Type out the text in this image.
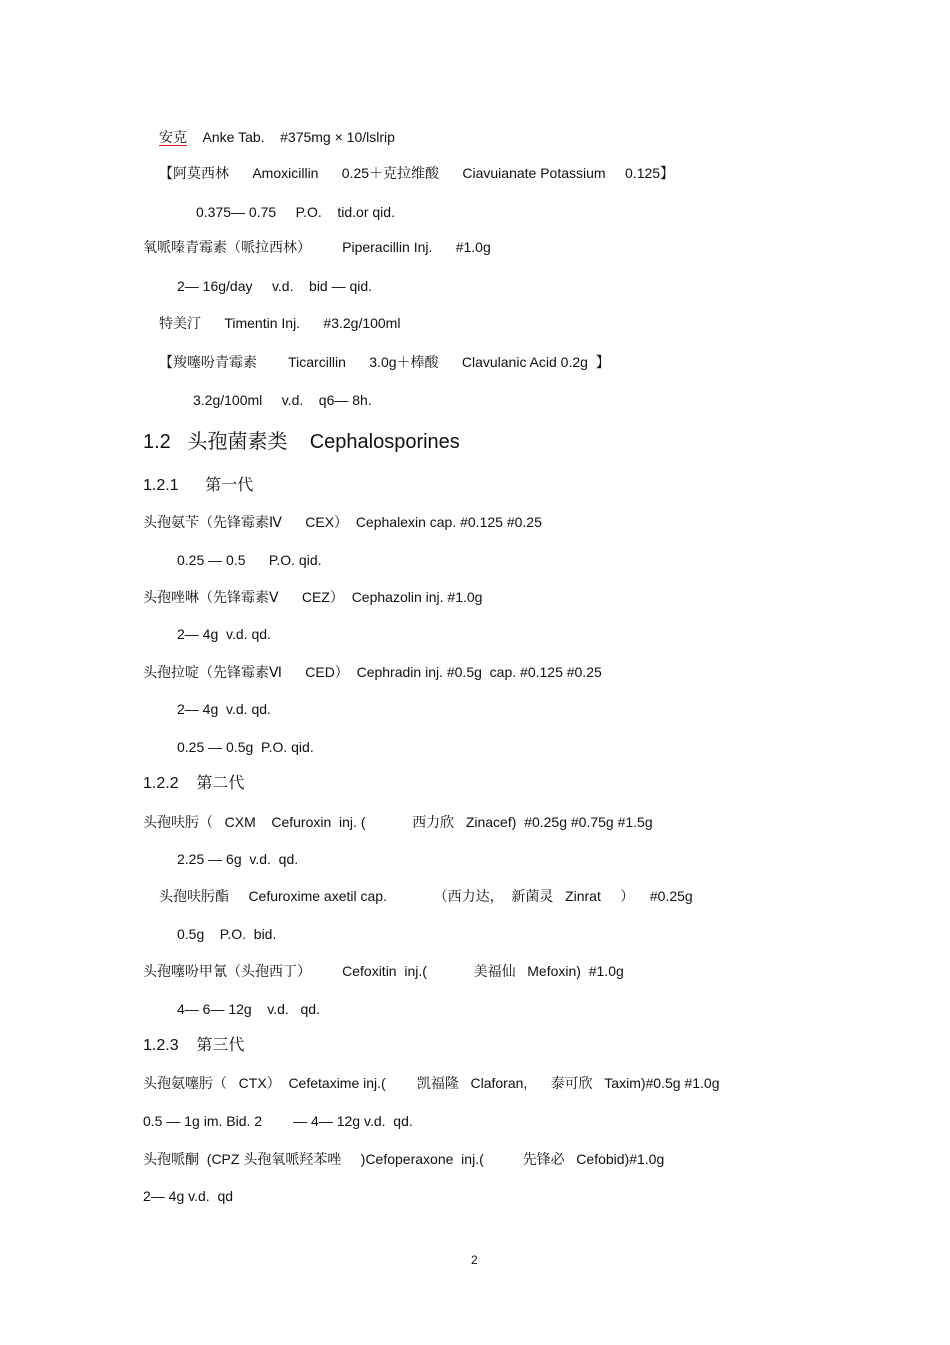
安克    Anke Tab.    #375mg × 10/lslrip
【阿莫西林      Amoxicillin      0.25＋克拉维酸      Ciavuianate Potassium     0.125】
0.375— 0.75     P.O.    tid.or qid.
氧哌嗪青霉素（哌拉西林）        Piperacillin Inj.      #1.0g
2— 16g/day     v.d.    bid — qid.
特美汀      Timentin Inj.      #3.2g/100ml
【羧噻吩青霉素        Ticarcillin      3.0g＋棒酸      Clavulanic Acid 0.2g  】
3.2g/100ml     v.d.    q6— 8h.
1.2   头孢菌素类    Cephalosporines
1.2.1      第一代
头孢氨苄（先锋霉素Ⅳ      CEX）  Cephalexin cap. #0.125 #0.25
0.25 — 0.5      P.O. qid.
头孢唑啉（先锋霉素Ⅴ      CEZ）  Cephazolin inj. #1.0g
2— 4g  v.d. qd.
头孢拉啶（先锋霉素Ⅵ      CED）  Cephradin inj. #0.5g  cap. #0.125 #0.25
2— 4g  v.d. qd.
0.25 — 0.5g  P.O. qid.
1.2.2    第二代
头孢呋肟（   CXM    Cefuroxin  inj. (            西力欣   Zinacef)  #0.25g #0.75g #1.5g
2.25 — 6g  v.d.  qd.
头孢呋肟酯     Cefuroxime axetil cap.            （西力达，  新菌灵   Zinrat     ）    #0.25g
0.5g    P.O.  bid.
头孢噻吩甲氰（头孢西丁）        Cefoxitin  inj.(            美福仙   Mefoxin)  #1.0g
4— 6— 12g    v.d.   qd.
1.2.3    第三代
头孢氨噻肟（   CTX）  Cefetaxime inj.(        凯福隆   Claforan,      泰可欣   Taxim)#0.5g #1.0g
0.5 — 1g im. Bid. 2        — 4— 12g v.d.  qd.
头孢哌酮  (CPZ 头孢氧哌羟苯唑     )Cefoperaxone  inj.(          先锋必   Cefobid)#1.0g
2— 4g v.d.  qd
2
